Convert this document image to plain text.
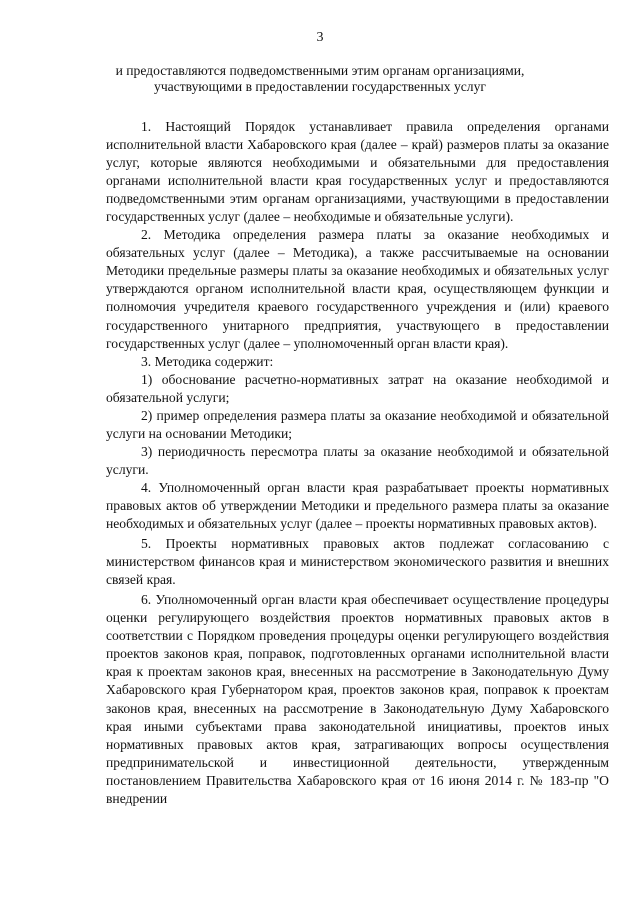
3
и предоставляются подведомственными этим органам организациями,
участвующими в предоставлении государственных услуг

1. Настоящий Порядок устанавливает правила определения органами исполнительной власти Хабаровского края (далее – край) размеров платы за оказание услуг, которые являются необходимыми и обязательными для предоставления органами исполнительной власти края государственных услуг и предоставляются подведомственными этим органам организациями, участвующими в предоставлении государственных услуг (далее – необходимые и обязательные услуги).

2. Методика определения размера платы за оказание необходимых и обязательных услуг (далее – Методика), а также рассчитываемые на основании Методики предельные размеры платы за оказание необходимых и обязательных услуг утверждаются органом исполнительной власти края, осуществляющем функции и полномочия учредителя краевого государственного учреждения и (или) краевого государственного унитарного предприятия, участвующего в предоставлении государственных услуг (далее – уполномоченный орган власти края).

3. Методика содержит:

1) обоснование расчетно-нормативных затрат на оказание необходимой и обязательной услуги;

2) пример определения размера платы за оказание необходимой и обязательной услуги на основании Методики;

3) периодичность пересмотра платы за оказание необходимой и обязательной услуги.

4. Уполномоченный орган власти края разрабатывает проекты нормативных правовых актов об утверждении Методики и предельного размера платы за оказание необходимых и обязательных услуг (далее – проекты нормативных правовых актов).

5. Проекты нормативных правовых актов подлежат согласованию с министерством финансов края и министерством экономического развития и внешних связей края.

6. Уполномоченный орган власти края обеспечивает осуществление процедуры оценки регулирующего воздействия проектов нормативных правовых актов в соответствии с Порядком проведения процедуры оценки регулирующего воздействия проектов законов края, поправок, подготовленных органами исполнительной власти края к проектам законов края, внесенных на рассмотрение в Законодательную Думу Хабаровского края Губернатором края, проектов законов края, поправок к проектам законов края, внесенных на рассмотрение в Законодательную Думу Хабаровского края иными субъектами права законодательной инициативы, проектов иных нормативных правовых актов края, затрагивающих вопросы осуществления предпринимательской и инвестиционной деятельности, утвержденным постановлением Правительства Хабаровского края от 16 июня 2014 г. № 183-пр "О внедрении
